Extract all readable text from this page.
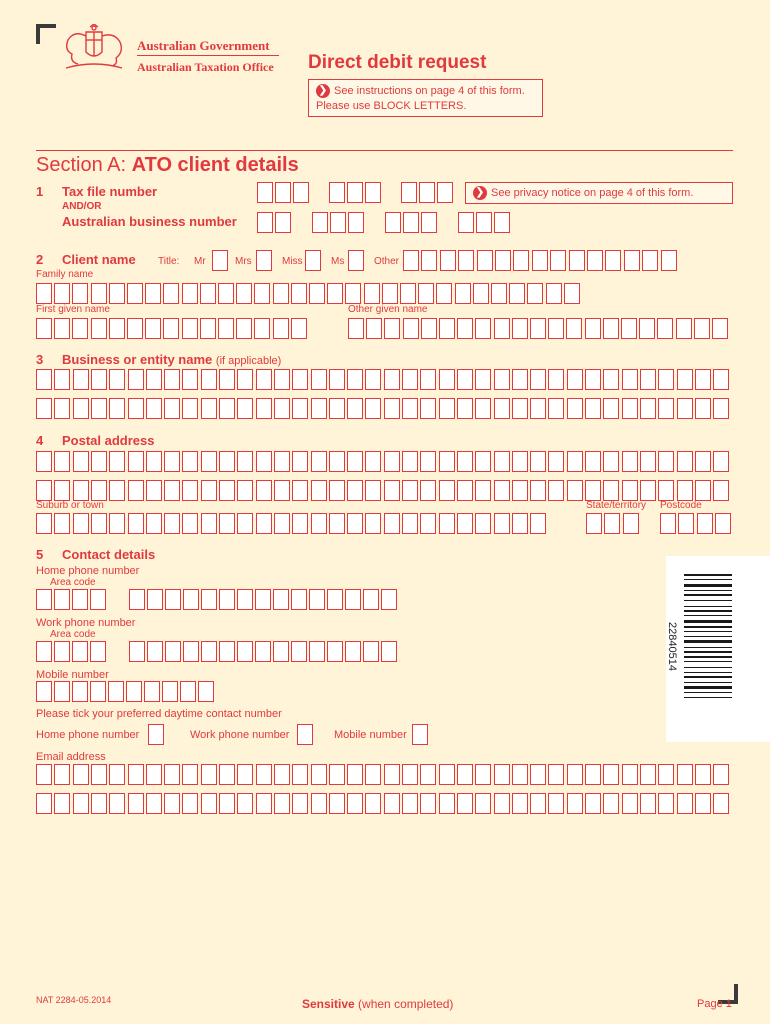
Australian Government
Australian Taxation Office Direct debit request
❯ See instructions on page 4 of this form.
Please use BLOCK LETTERS.
Section A: ATO client details
1 Tax file number
AND/OR
Australian business number
❯ See privacy notice on page 4 of this form.
2 Client name Title: Mr	Mrs	Miss	Ms	Other
Family name
First given name	Other given name
3 Business or entity name (if applicable)
4 Postal address
Suburb or town	State/territory Postcode
5 Contact details
Home phone number
Area code
Work phone number
Area code
Mobile number
Please tick your preferred daytime contact number
Home phone number	Work phone number	Mobile number
Email address
22840514
NAT 2284-05.2014	Sensitive (when completed)	Page 1
